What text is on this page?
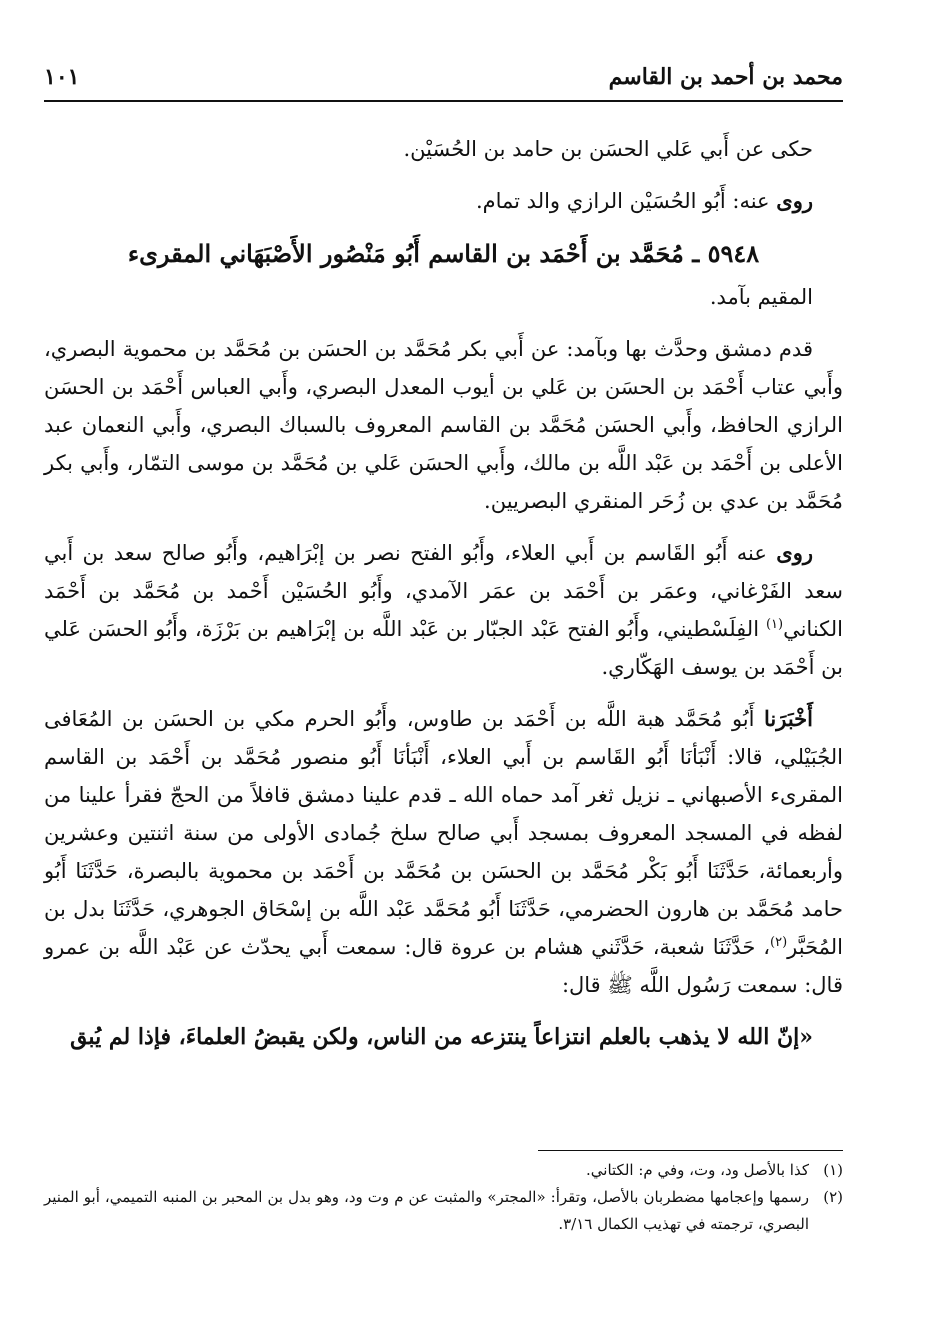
محمد بن أحمد بن القاسم
١٠١

حكى عن أَبي عَلي الحسَن بن حامد بن الحُسَيْن.

روى عنه: أَبُو الحُسَيْن الرازي والد تمام.

٥٩٤٨ ـ مُحَمَّد بن أَحْمَد بن القاسم أَبُو مَنْصُور الأَصْبَهَاني المقرىء

المقيم بآمد.

قدم دمشق وحدَّث بها وبآمد: عن أَبي بكر مُحَمَّد بن الحسَن بن مُحَمَّد بن محموية البصري، وأَبي عتاب أَحْمَد بن الحسَن بن عَلي بن أيوب المعدل البصري، وأَبي العباس أَحْمَد بن الحسَن الرازي الحافظ، وأَبي الحسَن مُحَمَّد بن القاسم المعروف بالسباك البصري، وأَبي النعمان عبد الأعلى بن أَحْمَد بن عَبْد اللَّه بن مالك، وأَبي الحسَن عَلي بن مُحَمَّد بن موسى التمّار، وأَبي بكر مُحَمَّد بن عدي بن زُحَر المنقري البصريين.

روى عنه أَبُو القَاسم بن أَبي العلاء، وأَبُو الفتح نصر بن إبْرَاهيم، وأَبُو صالح سعد بن أَبي سعد الفَرْغاني، وعمَر بن أَحْمَد بن عمَر الآمدي، وأَبُو الحُسَيْن أَحْمد بن مُحَمَّد بن أَحْمَد الكناني$^{(١)}$ الفِلَسْطيني، وأَبُو الفتح عَبْد الجبّار بن عَبْد اللَّه بن إبْرَاهيم بن بَرْزَة، وأَبُو الحسَن عَلي بن أَحْمَد بن يوسف الهَكّاري.

أَخْبَرَنا أَبُو مُحَمَّد هبة اللَّه بن أَحْمَد بن طاوس، وأَبُو الحرم مكي بن الحسَن بن المُعَافى الجُبَيْلي، قالا: أَنْبَأنَا أَبُو القَاسم بن أَبي العلاء، أَنْبَأنَا أَبُو منصور مُحَمَّد بن أَحْمَد بن القاسم المقرىء الأصبهاني ـ نزيل ثغر آمد حماه الله ـ قدم علينا دمشق قافلاً من الحجّ فقرأ علينا من لفظه في المسجد المعروف بمسجد أَبي صالح سلخ جُمادى الأولى من سنة اثنتين وعشرين وأربعمائة، حَدَّثَنَا أَبُو بَكْر مُحَمَّد بن الحسَن بن مُحَمَّد بن أَحْمَد بن محموية بالبصرة، حَدَّثَنَا أَبُو حامد مُحَمَّد بن هارون الحضرمي، حَدَّثَنَا أَبُو مُحَمَّد عَبْد اللَّه بن إسْحَاق الجوهري، حَدَّثَنَا بدل بن المُحَبَّر$^{(٢)}$، حَدَّثَنَا شعبة، حَدَّثَني هشام بن عروة قال: سمعت أَبي يحدّث عن عَبْد اللَّه بن عمرو قال: سمعت رَسُول اللَّه ﷺ قال:

«إنّ الله لا يذهب بالعلم انتزاعاً ينتزعه من الناس، ولكن يقبضُ العلماءَ، فإذا لم يُبق

(١)
كذا بالأصل ود، وت، وفي م: الكتاني.
(٢)
رسمها وإعجامها مضطربان بالأصل، وتقرأ: «المجتر» والمثبت عن م وت ود، وهو بدل بن المحبر بن المنبه التميمي، أبو المنير البصري، ترجمته في تهذيب الكمال ٣/١٦.
